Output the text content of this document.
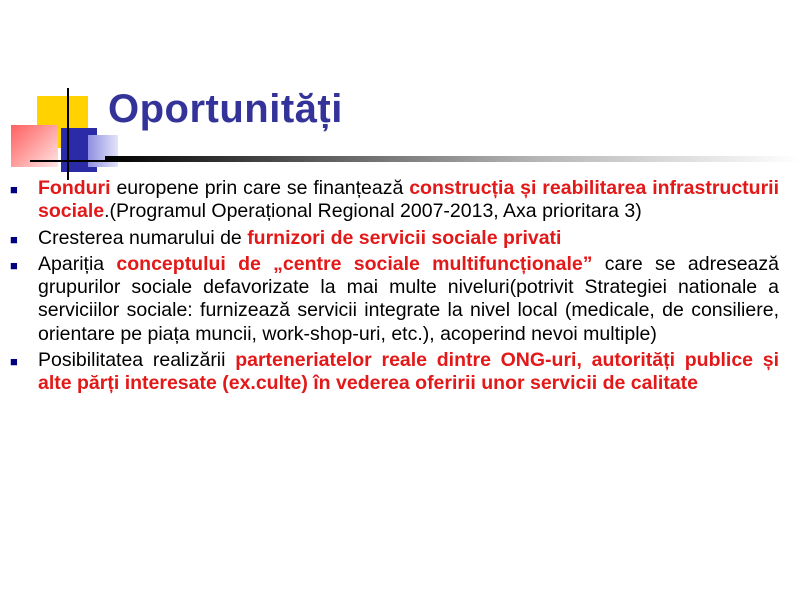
Oportunități
■ Fonduri europene prin care se finanțează construcția și reabilitarea infrastructurii sociale.(Programul Operațional Regional 2007-2013, Axa prioritara 3)
■ Cresterea numarului de furnizori de servicii sociale privati
■ Apariția conceptului de „centre sociale multifuncționale” care se adresează grupurilor sociale defavorizate la mai multe niveluri(potrivit Strategiei nationale a serviciilor sociale: furnizează servicii integrate la nivel local (medicale, de consiliere, orientare pe piața muncii, work-shop-uri, etc.), acoperind nevoi multiple)
■ Posibilitatea realizării parteneriatelor reale dintre ONG-uri, autorități publice și alte părți interesate (ex.culte) în vederea oferirii unor servicii de calitate
